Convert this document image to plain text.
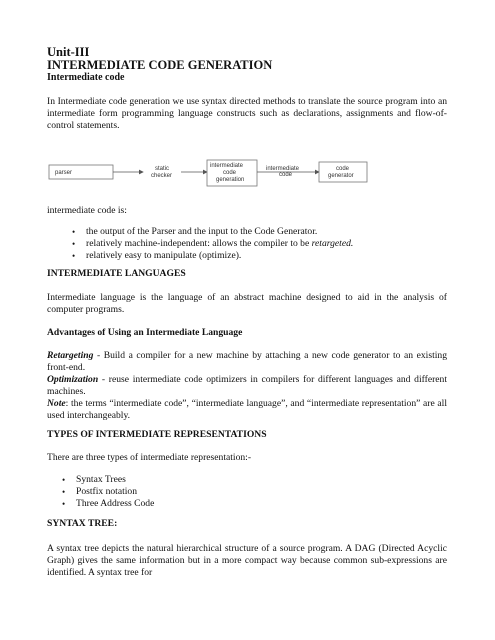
Unit-III
INTERMEDIATE CODE GENERATION
Intermediate code
In Intermediate code generation we use syntax directed methods to translate the source program into an intermediate form programming language constructs such as declarations, assignments and flow-of-control statements.
parser
static
checker
intermediate
code
generation
intermediate
code
code
generator
intermediate code is:
• the output of the Parser and the input to the Code Generator.
• relatively machine-independent: allows the compiler to be retargeted.
• relatively easy to manipulate (optimize).
INTERMEDIATE LANGUAGES
Intermediate language is the language of an abstract machine designed to aid in the analysis of computer programs.
Advantages of Using an Intermediate Language
Retargeting - Build a compiler for a new machine by attaching a new code generator to an existing front-end.
Optimization - reuse intermediate code optimizers in compilers for different languages and different machines.
Note: the terms “intermediate code”, “intermediate language”, and “intermediate representation” are all used interchangeably.
TYPES OF INTERMEDIATE REPRESENTATIONS
There are three types of intermediate representation:-
• Syntax Trees
• Postfix notation
• Three Address Code
SYNTAX TREE:
A syntax tree depicts the natural hierarchical structure of a source program. A DAG (Directed Acyclic Graph) gives the same information but in a more compact way because common sub-expressions are identified. A syntax tree for
